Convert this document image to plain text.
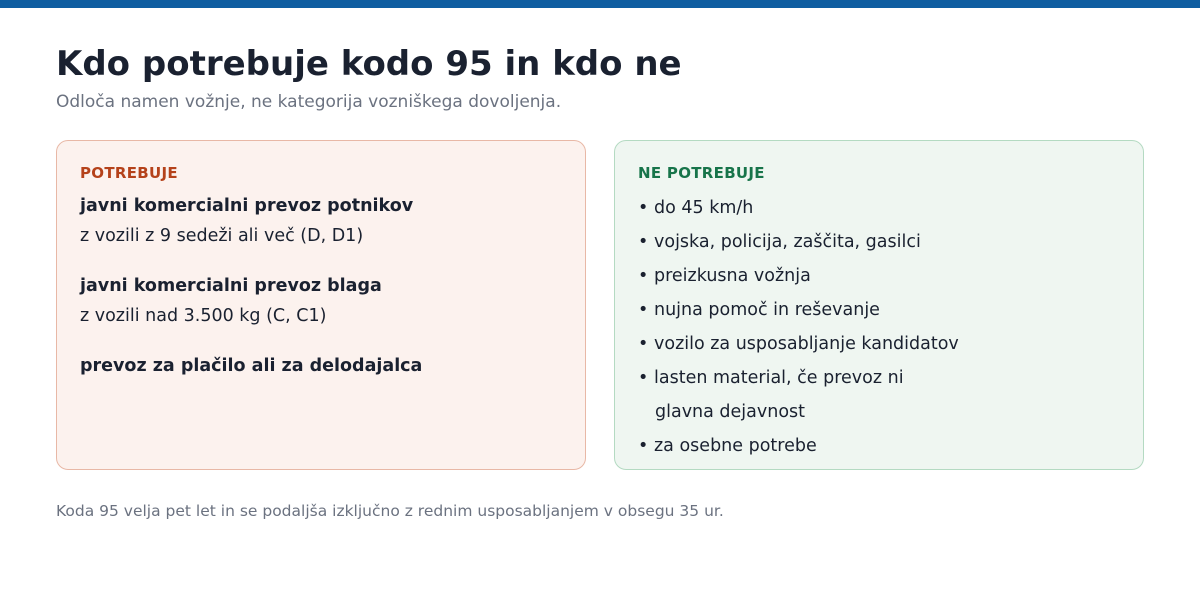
Kdo potrebuje kodo 95 in kdo ne

Odloča namen vožnje, ne kategorija vozniškega dovoljenja.

POTREBUJE
javni komercialni prevoz potnikov
z vozili z 9 sedeži ali več (D, D1)
javni komercialni prevoz blaga
z vozili nad 3.500 kg (C, C1)
prevoz za plačilo ali za delodajalca
NE POTREBUJE
• do 45 km/h
• vojska, policija, zaščita, gasilci
• preizkusna vožnja
• nujna pomoč in reševanje
• vozilo za usposabljanje kandidatov
• lasten material, če prevoz ni
glavna dejavnost
• za osebne potrebe

Koda 95 velja pet let in se podaljša izključno z rednim usposabljanjem v obsegu 35 ur.
